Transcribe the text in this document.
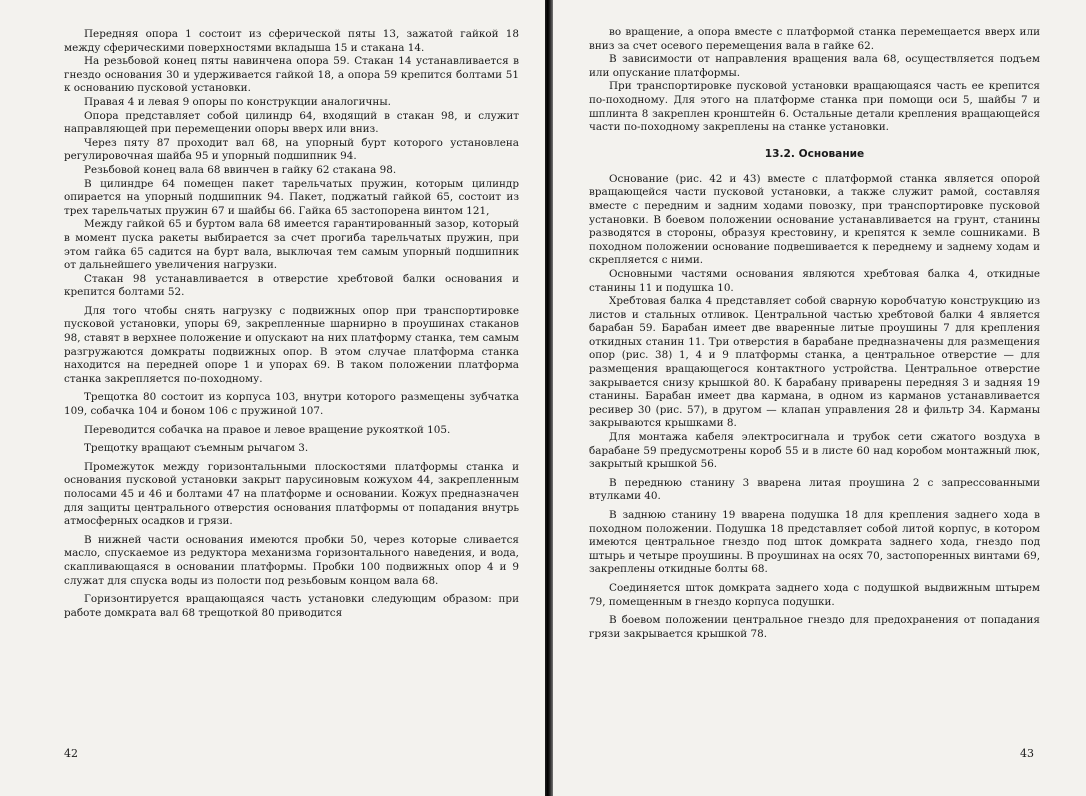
Передняя опора 1 состоит из сферической пяты 13, зажатой гайкой 18 между сферическими поверхностями вкладыша 15 и стакана 14.

На резьбовой конец пяты навинчена опора 59. Стакан 14 устанавливается в гнездо основания 30 и удерживается гайкой 18, а опора 59 крепится болтами 51 к основанию пусковой установки.

Правая 4 и левая 9 опоры по конструкции аналогичны.

Опора представляет собой цилиндр 64, входящий в стакан 98, и служит направляющей при перемещении опоры вверх или вниз.

Через пяту 87 проходит вал 68, на упорный бурт которого установлена регулировочная шайба 95 и упорный подшипник 94.

Резьбовой конец вала 68 ввинчен в гайку 62 стакана 98.

В цилиндре 64 помещен пакет тарельчатых пружин, которым цилиндр опирается на упорный подшипник 94. Пакет, поджатый гайкой 65, состоит из трех тарельчатых пружин 67 и шайбы 66. Гайка 65 застопорена винтом 121,

Между гайкой 65 и буртом вала 68 имеется гарантированный зазор, который в момент пуска ракеты выбирается за счет прогиба тарельчатых пружин, при этом гайка 65 садится на бурт вала, выключая тем самым упорный подшипник от дальнейшего увеличения нагрузки.

Стакан 98 устанавливается в отверстие хребтовой балки основания и крепится болтами 52.

Для того чтобы снять нагрузку с подвижных опор при транспортировке пусковой установки, упоры 69, закрепленные шарнирно в проушинах стаканов 98, ставят в верхнее положение и опускают на них платформу станка, тем самым разгружаются домкраты подвижных опор. В этом случае платформа станка находится на передней опоре 1 и упорах 69. В таком положении платформа станка закрепляется по-походному.

Трещотка 80 состоит из корпуса 103, внутри которого размещены зубчатка 109, собачка 104 и боном 106 с пружиной 107.

Переводится собачка на правое и левое вращение рукояткой 105.

Трещотку вращают съемным рычагом 3.

Промежуток между горизонтальными плоскостями платформы станка и основания пусковой установки закрыт парусиновым кожухом 44, закрепленным полосами 45 и 46 и болтами 47 на платформе и основании. Кожух предназначен для защиты центрального отверстия основания платформы от попадания внутрь атмосферных осадков и грязи.

В нижней части основания имеются пробки 50, через которые сливается масло, спускаемое из редуктора механизма горизонтального наведения, и вода, скапливающаяся в основании платформы. Пробки 100 подвижных опор 4 и 9 служат для спуска воды из полости под резьбовым концом вала 68.

Горизонтируется вращающаяся часть установки следующим образом: при работе домкрата вал 68 трещоткой 80 приводится

42

во вращение, а опора вместе с платформой станка перемещается вверх или вниз за счет осевого перемещения вала в гайке 62.

В зависимости от направления вращения вала 68, осуществляется подъем или опускание платформы.

При транспортировке пусковой установки вращающаяся часть ее крепится по-походному. Для этого на платформе станка при помощи оси 5, шайбы 7 и шплинта 8 закреплен кронштейн 6. Остальные детали крепления вращающейся части по-походному закреплены на станке установки.

13.2. Основание

Основание (рис. 42 и 43) вместе с платформой станка является опорой вращающейся части пусковой установки, а также служит рамой, составляя вместе с передним и задним ходами повозку, при транспортировке пусковой установки. В боевом положении основание устанавливается на грунт, станины разводятся в стороны, образуя крестовину, и крепятся к земле сошниками. В походном положении основание подвешивается к переднему и заднему ходам и скрепляется с ними.

Основными частями основания являются хребтовая балка 4, откидные станины 11 и подушка 10.

Хребтовая балка 4 представляет собой сварную коробчатую конструкцию из листов и стальных отливок. Центральной частью хребтовой балки 4 является барабан 59. Барабан имеет две вваренные литые проушины 7 для крепления откидных станин 11. Три отверстия в барабане предназначены для размещения опор (рис. 38) 1, 4 и 9 платформы станка, а центральное отверстие — для размещения вращающегося контактного устройства. Центральное отверстие закрывается снизу крышкой 80. К барабану приварены передняя 3 и задняя 19 станины. Барабан имеет два кармана, в одном из карманов устанавливается ресивер 30 (рис. 57), в другом — клапан управления 28 и фильтр 34. Карманы закрываются крышками 8.

Для монтажа кабеля электросигнала и трубок сети сжатого воздуха в барабане 59 предусмотрены короб 55 и в листе 60 над коробом монтажный люк, закрытый крышкой 56.

В переднюю станину 3 вварена литая проушина 2 с запрессованными втулками 40.

В заднюю станину 19 вварена подушка 18 для крепления заднего хода в походном положении. Подушка 18 представляет собой литой корпус, в котором имеются центральное гнездо под шток домкрата заднего хода, гнездо под штырь и четыре проушины. В проушинах на осях 70, застопоренных винтами 69, закреплены откидные болты 68.

Соединяется шток домкрата заднего хода с подушкой выдвижным штырем 79, помещенным в гнездо корпуса подушки.

В боевом положении центральное гнездо для предохранения от попадания грязи закрывается крышкой 78.

43
